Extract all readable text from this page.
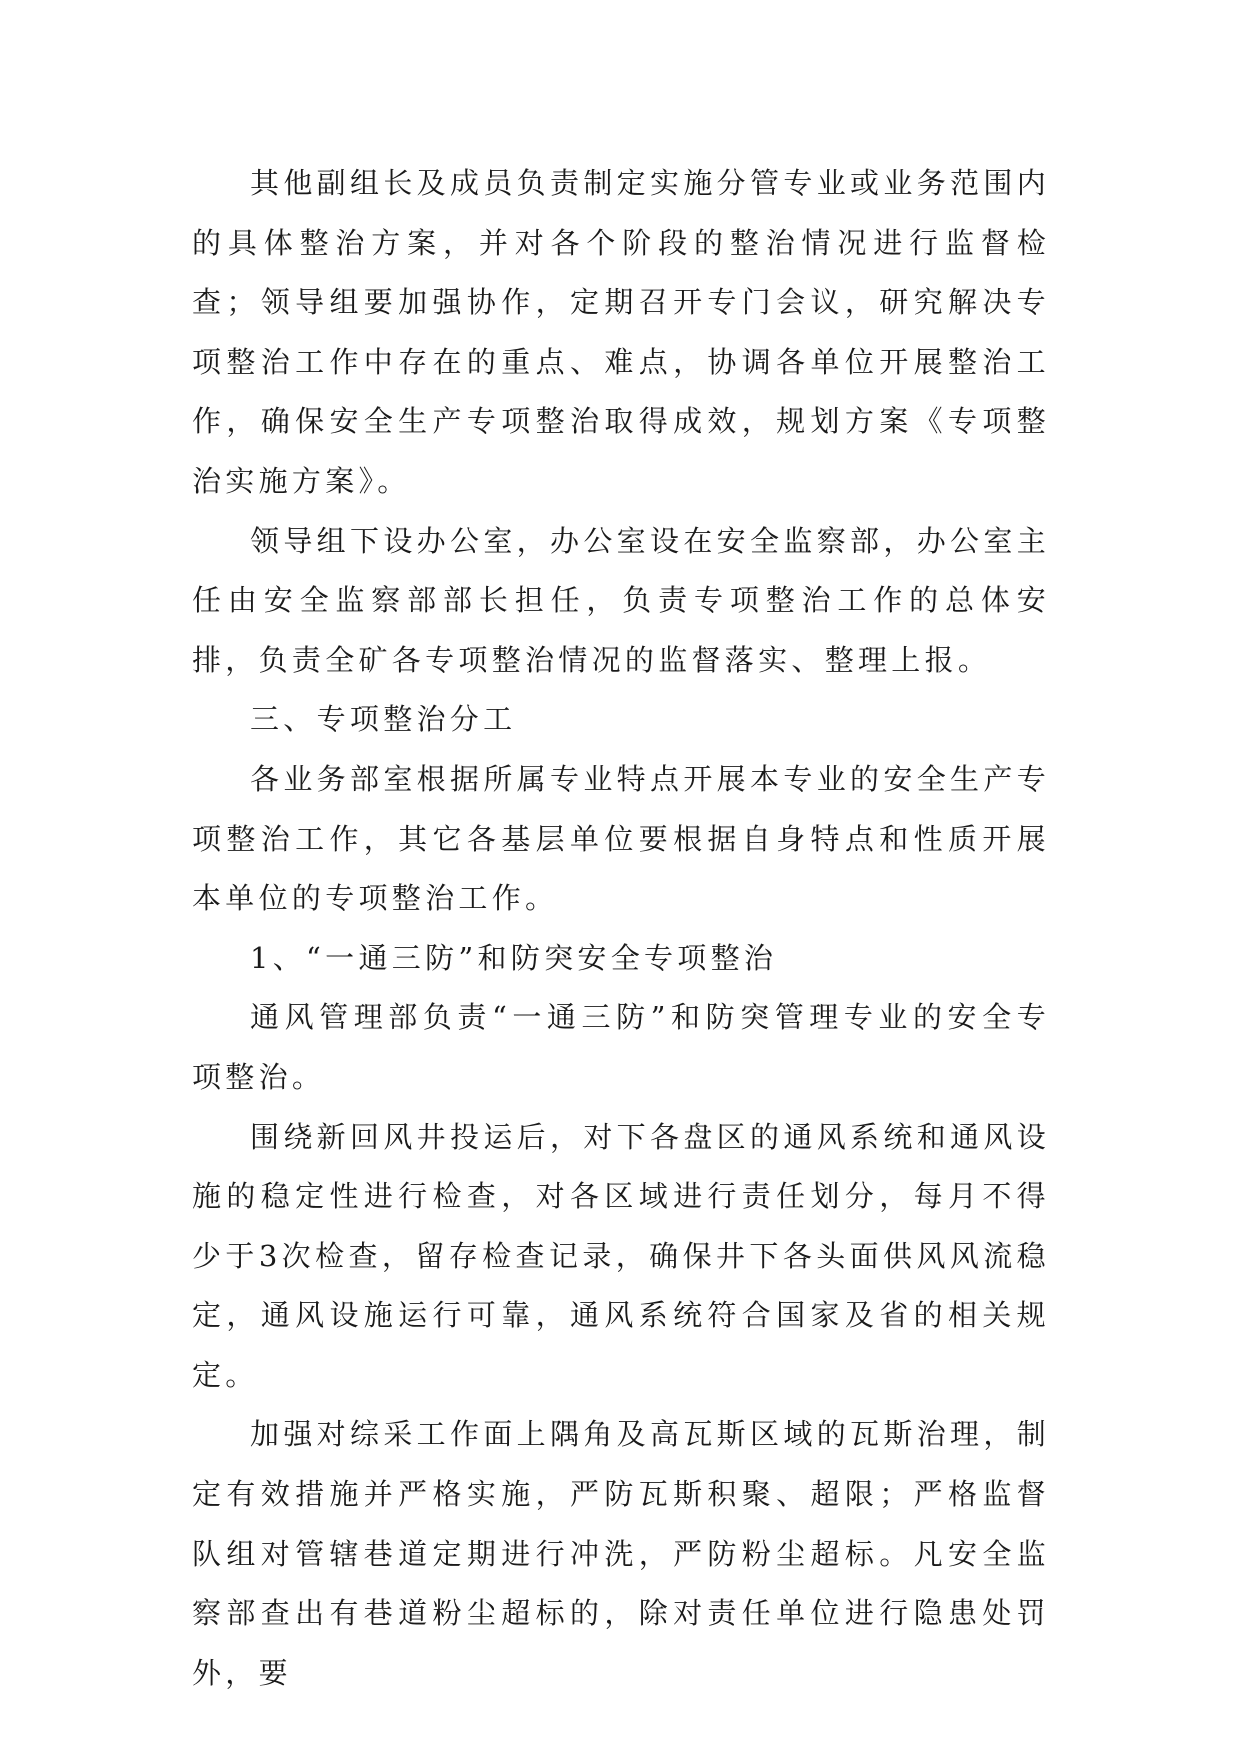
其他副组长及成员负责制定实施分管专业或业务范围内的具体整治方案，并对各个阶段的整治情况进行监督检查；领导组要加强协作，定期召开专门会议，研究解决专项整治工作中存在的重点、难点，协调各单位开展整治工作，确保安全生产专项整治取得成效，规划方案《专项整治实施方案》。

领导组下设办公室，办公室设在安全监察部，办公室主任由安全监察部部长担任，负责专项整治工作的总体安排，负责全矿各专项整治情况的监督落实、整理上报。

三、专项整治分工

各业务部室根据所属专业特点开展本专业的安全生产专项整治工作，其它各基层单位要根据自身特点和性质开展本单位的专项整治工作。

1、“一通三防”和防突安全专项整治

通风管理部负责“一通三防”和防突管理专业的安全专项整治。

围绕新回风井投运后，对下各盘区的通风系统和通风设施的稳定性进行检查，对各区域进行责任划分，每月不得少于3次检查，留存检查记录，确保井下各头面供风风流稳定，通风设施运行可靠，通风系统符合国家及省的相关规定。

加强对综采工作面上隅角及高瓦斯区域的瓦斯治理，制定有效措施并严格实施，严防瓦斯积聚、超限；严格监督队组对管辖巷道定期进行冲洗，严防粉尘超标。凡安全监察部查出有巷道粉尘超标的，除对责任单位进行隐患处罚外，要
